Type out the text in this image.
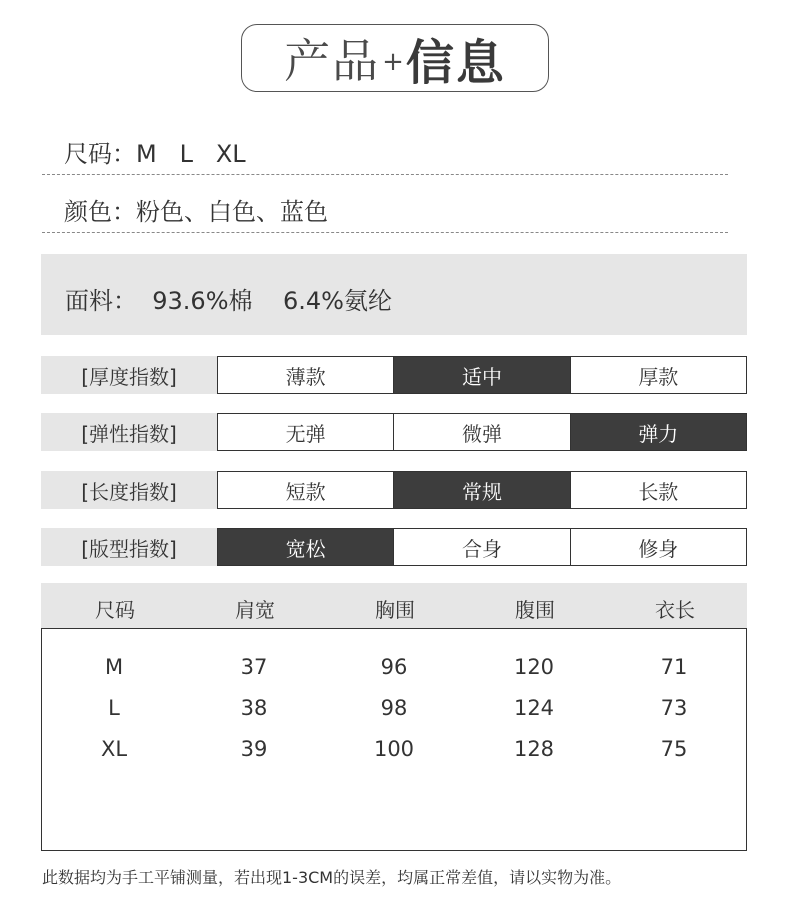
产品 + 信息
尺码：M   L   XL
颜色：粉色、白色、蓝色
面料：  93.6%棉    6.4%氨纶
[厚度指数]	薄款	适中	厚款
[弹性指数]	无弹	微弹	弹力
[长度指数]	短款	常规	长款
[版型指数]	宽松	合身	修身
尺码	肩宽	胸围	腹围	衣长
M	37	96	120	71
L	38	98	124	73
XL	39	100	128	75
此数据均为手工平铺测量，若出现1-3CM的误差，均属正常差值，请以实物为准。
